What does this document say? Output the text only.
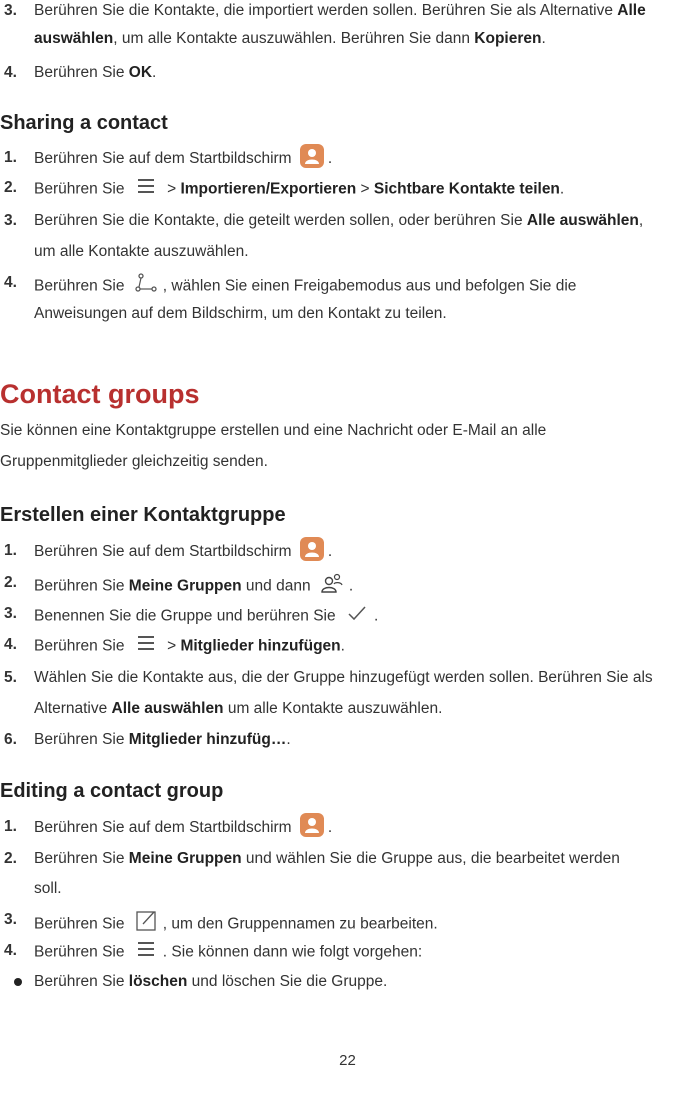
3. Berühren Sie die Kontakte, die importiert werden sollen. Berühren Sie als Alternative Alle
auswählen, um alle Kontakte auszuwählen. Berühren Sie dann Kopieren.
4. Berühren Sie OK.
Sharing a contact
1. Berühren Sie auf dem Startbildschirm .
2. Berühren Sie  > Importieren/Exportieren > Sichtbare Kontakte teilen.
3. Berühren Sie die Kontakte, die geteilt werden sollen, oder berühren Sie Alle auswählen,
um alle Kontakte auszuwählen.
4. Berühren Sie , wählen Sie einen Freigabemodus aus und befolgen Sie die
Anweisungen auf dem Bildschirm, um den Kontakt zu teilen.
Contact groups
Sie können eine Kontaktgruppe erstellen und eine Nachricht oder E-Mail an alle
Gruppenmitglieder gleichzeitig senden.
Erstellen einer Kontaktgruppe
1. Berühren Sie auf dem Startbildschirm .
2. Berühren Sie Meine Gruppen und dann .
3. Benennen Sie die Gruppe und berühren Sie .
4. Berühren Sie  > Mitglieder hinzufügen.
5. Wählen Sie die Kontakte aus, die der Gruppe hinzugefügt werden sollen. Berühren Sie als
Alternative Alle auswählen um alle Kontakte auszuwählen.
6. Berühren Sie Mitglieder hinzufüg….
Editing a contact group
1. Berühren Sie auf dem Startbildschirm .
2. Berühren Sie Meine Gruppen und wählen Sie die Gruppe aus, die bearbeitet werden
soll.
3. Berühren Sie , um den Gruppennamen zu bearbeiten.
4. Berühren Sie . Sie können dann wie folgt vorgehen:
Berühren Sie löschen und löschen Sie die Gruppe.
22
